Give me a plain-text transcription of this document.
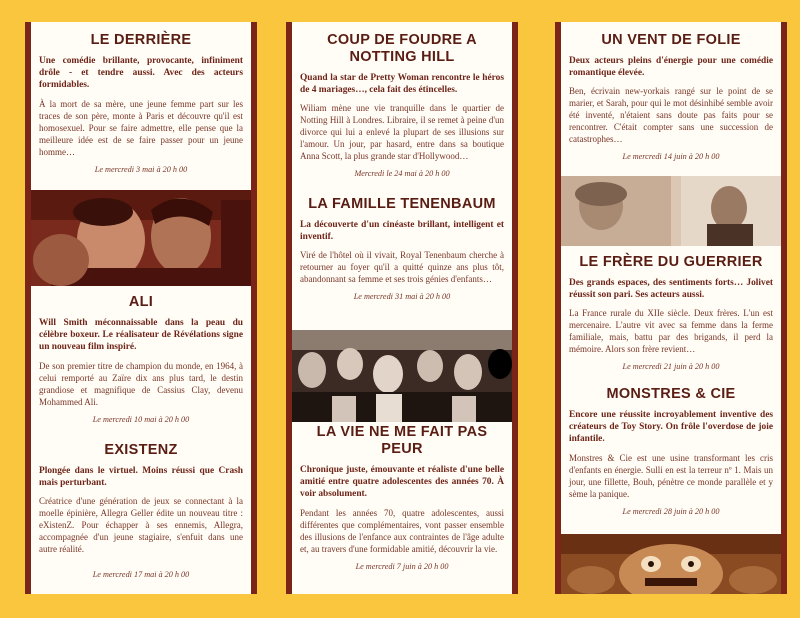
LE DERRIÈRE

Une comédie brillante, provocante, infiniment drôle - et tendre aussi. Avec des acteurs formidables.

À la mort de sa mère, une jeune femme part sur les traces de son père, monte à Paris et découvre qu'il est homosexuel. Pour se faire admettre, elle pense que la meilleure idée est de se faire passer pour un jeune homme…

Le mercredi 3 mai à 20 h 00

ALI

Will Smith méconnaissable dans la peau du célèbre boxeur. Le réalisateur de Révélations signe un nouveau film inspiré.

De son premier titre de champion du monde, en 1964, à celui remporté au Zaïre dix ans plus tard, le destin grandiose et magnifique de Cassius Clay, devenu Mohammed Ali.

Le mercredi 10 mai à 20 h 00

EXISTENZ

Plongée dans le virtuel. Moins réussi que Crash mais perturbant.

Créatrice d'une génération de jeux se connectant à la moelle épinière, Allegra Geller édite un nouveau titre : eXistenZ. Pour échapper à ses ennemis, Allegra, accompagnée d'un jeune stagiaire, s'enfuit dans une autre réalité.

Le mercredi 17 mai à 20 h 00

COUP DE FOUDRE A NOTTING HILL

Quand la star de Pretty Woman rencontre le héros de 4 mariages…, cela fait des étincelles.

Wiliam mène une vie tranquille dans le quartier de Notting Hill à Londres. Libraire, il se remet à peine d'un divorce qui lui a enlevé la plupart de ses illusions sur l'amour. Un jour, par hasard, entre dans sa boutique Anna Scott, la plus grande star d'Hollywood…

Mercredi le 24 mai à 20 h 00

LA FAMILLE TENENBAUM

La découverte d'un cinéaste brillant, intelligent et inventif.

Viré de l'hôtel où il vivait, Royal Tenenbaum cherche à retourner au foyer qu'il a quitté quinze ans plus tôt, abandonnant sa femme et ses trois génies d'enfants…

Le mercredi 31 mai à 20 h 00

LA VIE NE ME FAIT PAS PEUR

Chronique juste, émouvante et réaliste d'une belle amitié entre quatre adolescentes des années 70. À voir absolument.

Pendant les années 70, quatre adolescentes, aussi différentes que complémentaires, vont passer ensemble des illusions de l'enfance aux contraintes de l'âge adulte et, au travers d'une formidable amitié, découvrir la vie.

Le mercredi 7 juin à 20 h 00

UN VENT DE FOLIE

Deux acteurs pleins d'énergie pour une comédie romantique élevée.

Ben, écrivain new-yorkais rangé sur le point de se marier, et Sarah, pour qui le mot désinhibé semble avoir été inventé, n'étaient sans doute pas faits pour se rencontrer. C'était compter sans une succession de catastrophes…

Le mercredi 14 juin à 20 h 00

LE FRÈRE DU GUERRIER

Des grands espaces, des sentiments forts… Jolivet réussit son pari. Ses acteurs aussi.

La France rurale du XIIe siècle. Deux frères. L'un est mercenaire. L'autre vit avec sa femme dans la ferme familiale, mais, battu par des brigands, il perd la mémoire. Alors son frère revient…

Le mercredi 21 juin à 20 h 00

MONSTRES & CIE

Encore une réussite incroyablement inventive des créateurs de Toy Story. On frôle l'overdose de joie infantile.

Monstres & Cie est une usine transformant les cris d'enfants en énergie. Sulli en est la terreur nº 1. Mais un jour, une fillette, Bouh, pénètre ce monde parallèle et y sème la panique.

Le mercredi 28 juin à 20 h 00
